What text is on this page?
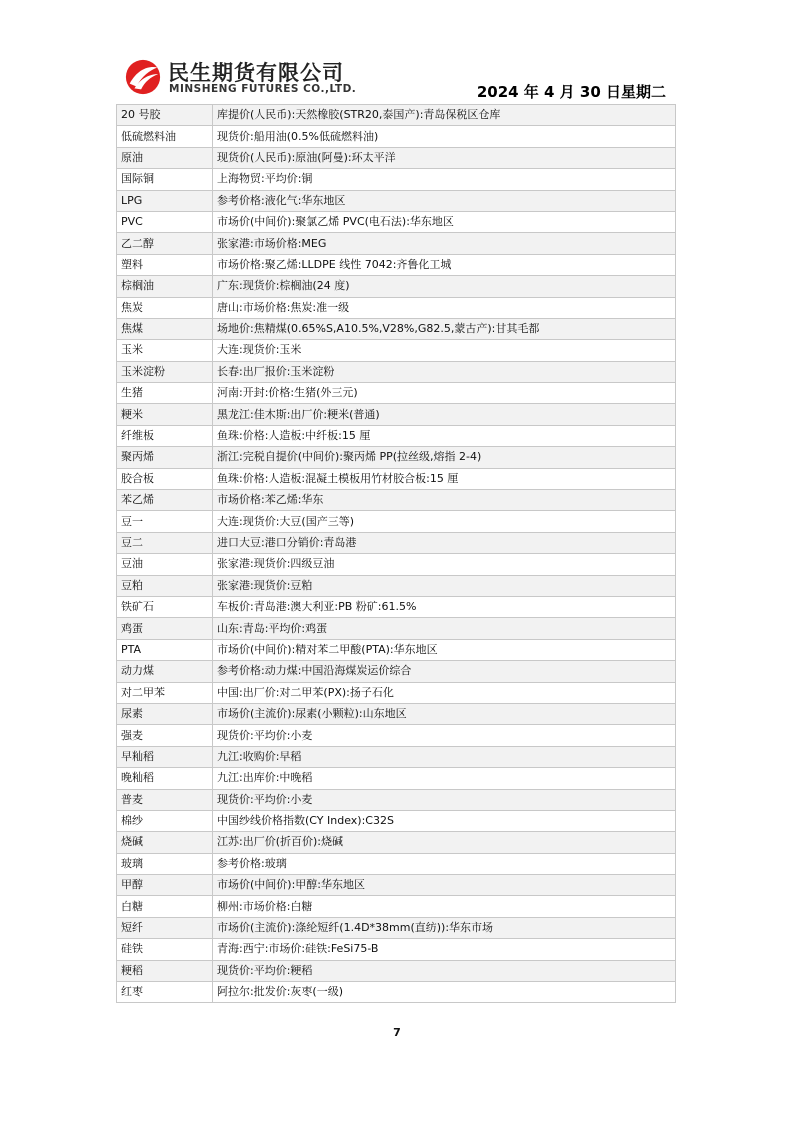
民生期货有限公司
MINSHENG FUTURES CO.,LTD.	2024 年 4 月 30 日星期二
20 号胶	库提价(人民币):天然橡胶(STR20,泰国产):青岛保税区仓库
低硫燃料油	现货价:船用油(0.5%低硫燃料油)
原油	现货价(人民币):原油(阿曼):环太平洋
国际铜	上海物贸:平均价:铜
LPG	参考价格:液化气:华东地区
PVC	市场价(中间价):聚氯乙烯 PVC(电石法):华东地区
乙二醇	张家港:市场价格:MEG
塑料	市场价格:聚乙烯:LLDPE 线性 7042:齐鲁化工城
棕榈油	广东:现货价:棕榈油(24 度)
焦炭	唐山:市场价格:焦炭:准一级
焦煤	场地价:焦精煤(0.65%S,A10.5%,V28%,G82.5,蒙古产):甘其毛都
玉米	大连:现货价:玉米
玉米淀粉	长春:出厂报价:玉米淀粉
生猪	河南:开封:价格:生猪(外三元)
粳米	黑龙江:佳木斯:出厂价:粳米(普通)
纤维板	鱼珠:价格:人造板:中纤板:15 厘
聚丙烯	浙江:完税自提价(中间价):聚丙烯 PP(拉丝级,熔指 2-4)
胶合板	鱼珠:价格:人造板:混凝土模板用竹材胶合板:15 厘
苯乙烯	市场价格:苯乙烯:华东
豆一	大连:现货价:大豆(国产三等)
豆二	进口大豆:港口分销价:青岛港
豆油	张家港:现货价:四级豆油
豆粕	张家港:现货价:豆粕
铁矿石	车板价:青岛港:澳大利亚:PB 粉矿:61.5%
鸡蛋	山东:青岛:平均价:鸡蛋
PTA	市场价(中间价):精对苯二甲酸(PTA):华东地区
动力煤	参考价格:动力煤:中国沿海煤炭运价综合
对二甲苯	中国:出厂价:对二甲苯(PX):扬子石化
尿素	市场价(主流价):尿素(小颗粒):山东地区
强麦	现货价:平均价:小麦
早籼稻	九江:收购价:早稻
晚籼稻	九江:出库价:中晚稻
普麦	现货价:平均价:小麦
棉纱	中国纱线价格指数(CY Index):C32S
烧碱	江苏:出厂价(折百价):烧碱
玻璃	参考价格:玻璃
甲醇	市场价(中间价):甲醇:华东地区
白糖	柳州:市场价格:白糖
短纤	市场价(主流价):涤纶短纤(1.4D*38mm(直纺)):华东市场
硅铁	青海:西宁:市场价:硅铁:FeSi75-B
粳稻	现货价:平均价:粳稻
红枣	阿拉尔:批发价:灰枣(一级)
7
